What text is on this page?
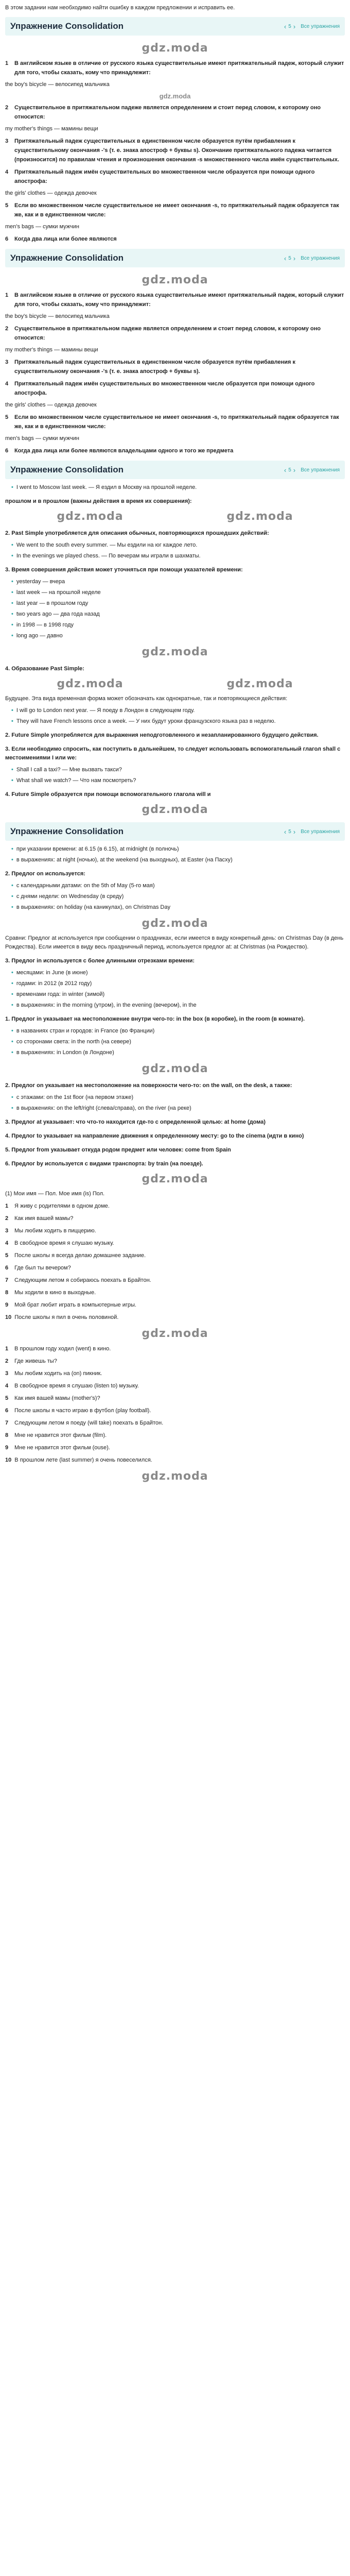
В этом задании нам необходимо найти ошибку в каждом предложении и исправить ее.
Упражнение Consolidation	‹ 5 › Все упражнения
gdz.moda
1	В английском языке в отличие от русского языка существительные имеют притяжательный падеж, который служит для того, чтобы сказать, кому что принадлежит:
the boy's bicycle — велосипед мальчика
gdz.moda
2	Существительное в притяжательном падеже является определением и стоит перед словом, к которому оно относится:
my mother's things — мамины вещи
3	Притяжательный падеж существительных в единственном числе образуется путём прибавления к существительному окончания -'s (т. е. знака апостроф + буквы s). Окончание притяжательного падежа читается (произносится) по правилам чтения и произношения окончания -s множественного числа имён существительных.
4	Притяжательный падеж имён существительных во множественном числе образуется при помощи одного апострофа:
the girls' clothes — одежда девочек
5	Если во множественном числе существительное не имеет окончания -s, то притяжательный падеж образуется так же, как и в единственном числе:
men's bags — сумки мужчин
6	Когда два лица или более являются
Упражнение Consolidation	‹ 5 › Все упражнения
gdz.moda
1	В английском языке в отличие от русского языка существительные имеют притяжательный падеж, который служит для того, чтобы сказать, кому что принадлежит:
the boy's bicycle — велосипед мальчика
2	Существительное в притяжательном падеже является определением и стоит перед словом, к которому оно относится:
my mother's things — мамины вещи
3	Притяжательный падеж существительных в единственном числе образуется путём прибавления к существительному окончания -'s (т. е. знака апостроф + буквы s).
4	Притяжательный падеж имён существительных во множественном числе образуется при помощи одного апострофа.
the girls' clothes — одежда девочек
5	Если во множественном числе существительное не имеет окончания -s, то притяжательный падеж образуется так же, как и в единственном числе:
men's bags — сумки мужчин
6	Когда два лица или более являются владельцами одного и того же предмета
Упражнение Consolidation	‹ 5 › Все упражнения
• I went to Moscow last week. — Я ездил в Москву на прошлой неделе.
прошлом и в прошлом (важны действия в время их совершения):
gdz.moda	gdz.moda
2. Past Simple употребляется для описания обычных, повторяющихся прошедших действий:
• We went to the south every summer. — Мы ездили на юг каждое лето.
• In the evenings we played chess. — По вечерам мы играли в шахматы.
3. Время совершения действия может уточняться при помощи указателей времени:
• yesterday — вчера
• last week — на прошлой неделе
• last year — в прошлом году
• two years ago — два года назад
• in 1998 — в 1998 году
• long ago — давно
gdz.moda
4. Образование Past Simple:
gdz.moda	gdz.moda
Будущее. Эта вида временная форма может обозначать как однократные, так и повторяющиеся действия:
• I will go to London next year. — Я поеду в Лондон в следующем году.
• They will have French lessons once a week. — У них будут уроки французского языка раз в неделю.
2. Future Simple употребляется для выражения неподготовленного и незапланированного будущего действия.
3. Если необходимо спросить, как поступить в дальнейшем, то следует использовать вспомогательный глагол shall с местоимениями I или we:
• Shall I call a taxi? — Мне вызвать такси?
• What shall we watch? — Что нам посмотреть?
4. Future Simple образуется при помощи вспомогательного глагола will и
gdz.moda
Упражнение Consolidation	‹ 5 › Все упражнения
• при указании времени: at 6.15 (в 6.15), at midnight (в полночь)
• в выражениях: at night (ночью), at the weekend (на выходных), at Easter (на Пасху)
2. Предлог on используется:
• с календарными датами: on the 5th of May (5-го мая)
• с днями недели: on Wednesday (в среду)
• в выражениях: on holiday (на каникулах), on Christmas Day
gdz.moda
Сравни: Предлог at используется при сообщении о праздниках, если имеется в виду конкретный день: on Christmas Day (в день Рождества). Если имеется в виду весь праздничный период, используется предлог at: at Christmas (на Рождество).
3. Предлог in используется с более длинными отрезками времени:
• месяцами: in June (в июне)
• годами: in 2012 (в 2012 году)
• временами года: in winter (зимой)
• в выражениях: in the morning (утром), in the evening (вечером), in the
1. Предлог in указывает на местоположение внутри чего-то: in the box (в коробке), in the room (в комнате).
• в названиях стран и городов: in France (во Франции)
• со сторонами света: in the north (на севере)
• в выражениях: in London (в Лондоне)
gdz.moda
2. Предлог on указывает на местоположение на поверхности чего-то: on the wall, on the desk, a также:
• с этажами: on the 1st floor (на первом этаже)
• в выражениях: on the left/right (слева/справа), on the river (на реке)
3. Предлог at указывает: что что-то находится где-то с определенной целью: at home (дома)
4. Предлог to указывает на направление движения к определенному месту: go to the cinema (идти в кино)
5. Предлог from указывает откуда родом предмет или человек: come from Spain
6. Предлог by используется с видами транспорта: by train (на поезде).
gdz.moda
(1) Мои имя — Пол. Мое имя (is) Пол.
1	Я живу с родителями в одном доме.
2	Как имя вашей мамы?
3	Мы любим ходить в пиццерию.
4	В свободное время я слушаю музыку.
5	После школы я всегда делаю домашнее задание.
6	Где был ты вечером?
7	Следующим летом я собираюсь поехать в Брайтон.
8	Мы ходили в кино в выходные.
9	Мой брат любит играть в компьютерные игры.
10 После школы я пил в очень половиной.
gdz.moda
1	В прошлом году ходил (went) в кино.
2	Где живешь ты?
3	Мы любим ходить на (on) пикник.
4	В свободное время я слушаю (listen to) музыку.
5	Как имя вашей мамы (mother's)?
6	После школы я часто играю в футбол (play football).
7	Следующим летом я поеду (will take) поехать в Брайтон.
8	Мне не нравится этот фильм (film).
9	Мне не нравится этот фильм (ouse).
10 В прошлом лете (last summer) я очень повеселился.
gdz.moda
